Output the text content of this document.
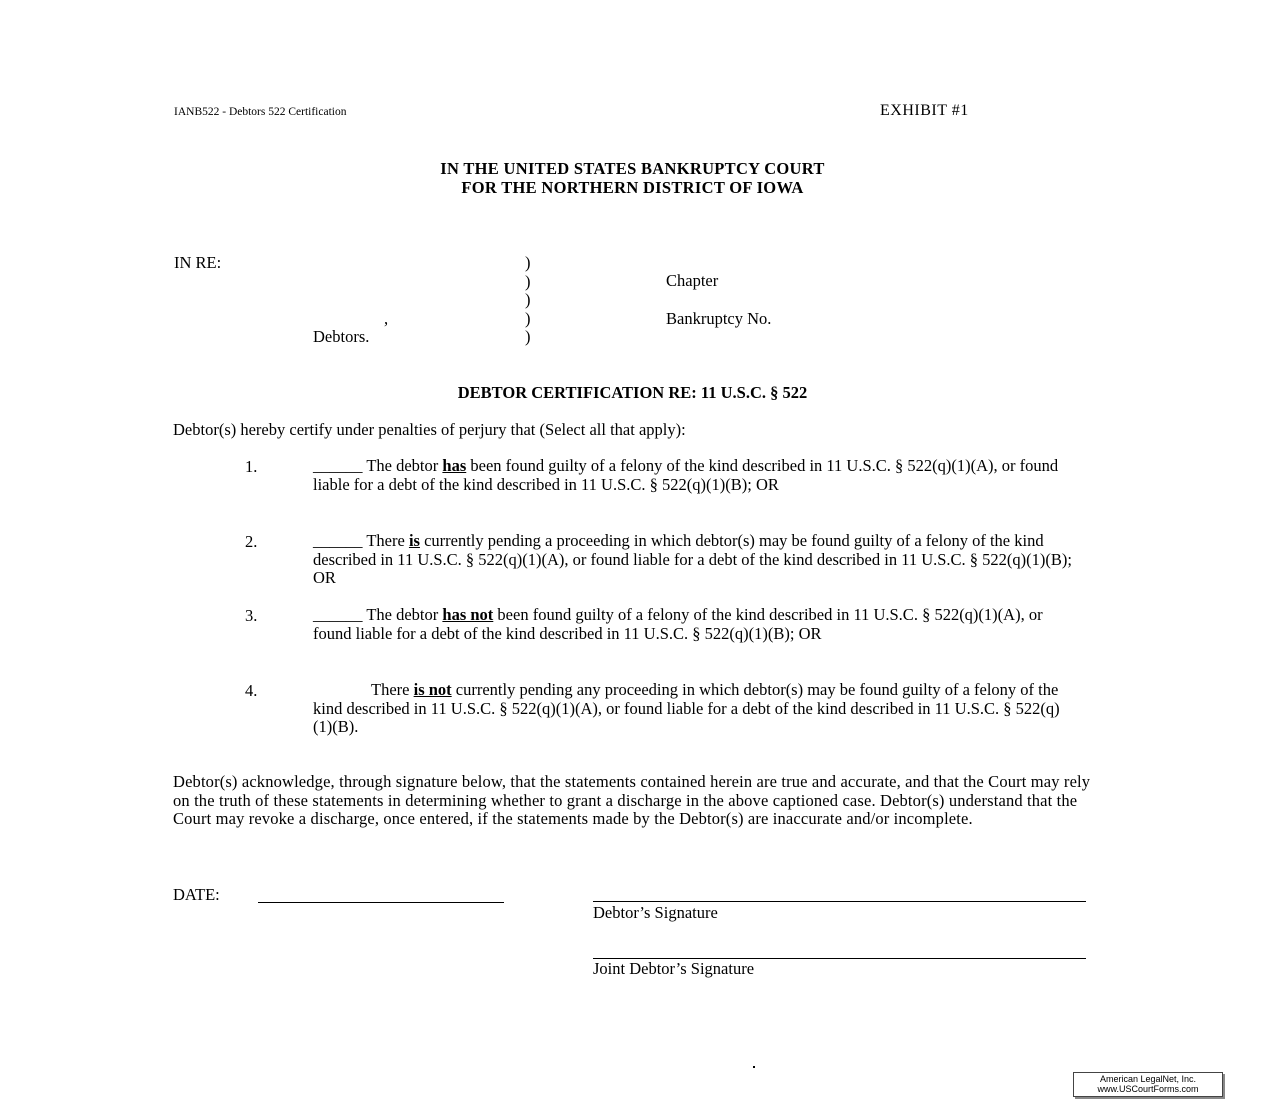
IANB522 - Debtors 522 Certification	EXHIBIT #1
IN THE UNITED STATES BANKRUPTCY COURT
FOR THE NORTHERN DISTRICT OF IOWA
IN RE:
,
Debtors.
)
)
)
)
)
Chapter
Bankruptcy No.
DEBTOR CERTIFICATION RE: 11 U.S.C. § 522
Debtor(s) hereby certify under penalties of perjury that (Select all that apply):
1.	______ The debtor has been found guilty of a felony of the kind described in 11 U.S.C. § 522(q)(1)(A), or found liable for a debt of the kind described in 11 U.S.C. § 522(q)(1)(B); OR
2.	______ There is currently pending a proceeding in which debtor(s) may be found guilty of a felony of the kind described in 11 U.S.C. § 522(q)(1)(A), or found liable for a debt of the kind described in 11 U.S.C. § 522(q)(1)(B); OR
3.	______ The debtor has not been found guilty of a felony of the kind described in 11 U.S.C. § 522(q)(1)(A), or found liable for a debt of the kind described in 11 U.S.C. § 522(q)(1)(B); OR
4.	There is not currently pending any proceeding in which debtor(s) may be found guilty of a felony of the kind described in 11 U.S.C. § 522(q)(1)(A), or found liable for a debt of the kind described in 11 U.S.C. § 522(q)(1)(B).
Debtor(s) acknowledge, through signature below, that the statements contained herein are true and accurate, and that the Court may rely on the truth of these statements in determining whether to grant a discharge in the above captioned case. Debtor(s) understand that the Court may revoke a discharge, once entered, if the statements made by the Debtor(s) are inaccurate and/or incomplete.
DATE:
Debtor’s Signature
Joint Debtor’s Signature
American LegalNet, Inc.
www.USCourtForms.com
